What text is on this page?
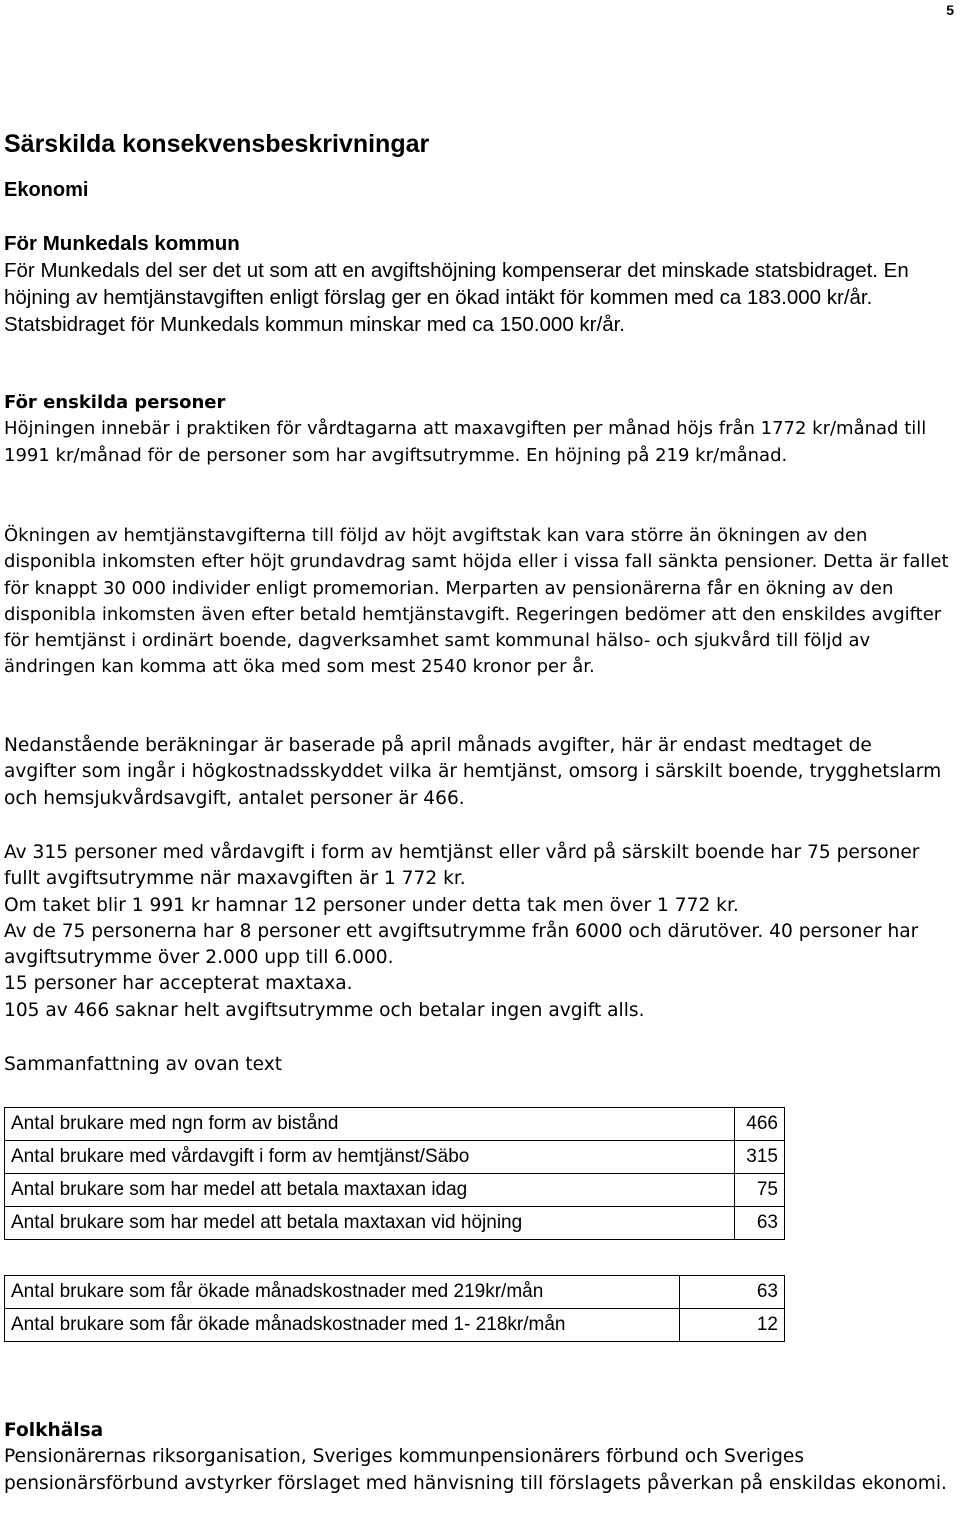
5
Särskilda konsekvensbeskrivningar
Ekonomi
För Munkedals kommun

För Munkedals del ser det ut som att en avgiftshöjning kompenserar det minskade statsbidraget. En höjning av hemtjänstavgiften enligt förslag ger en ökad intäkt för kommen med ca 183.000 kr/år. Statsbidraget för Munkedals kommun minskar med ca 150.000 kr/år.

För enskilda personer

Höjningen innebär i praktiken för vårdtagarna att maxavgiften per månad höjs från 1772 kr/månad till 1991 kr/månad för de personer som har avgiftsutrymme. En höjning på 219 kr/månad.

Ökningen av hemtjänstavgifterna till följd av höjt avgiftstak kan vara större än ökningen av den disponibla inkomsten efter höjt grundavdrag samt höjda eller i vissa fall sänkta pensioner. Detta är fallet för knappt 30 000 individer enligt promemorian. Merparten av pensionärerna får en ökning av den disponibla inkomsten även efter betald hemtjänstavgift. Regeringen bedömer att den enskildes avgifter för hemtjänst i ordinärt boende, dagverksamhet samt kommunal hälso- och sjukvård till följd av ändringen kan komma att öka med som mest 2540 kronor per år.

Nedanstående beräkningar är baserade på april månads avgifter, här är endast medtaget de avgifter som ingår i högkostnadsskyddet vilka är hemtjänst, omsorg i särskilt boende, trygghetslarm och hemsjukvårdsavgift, antalet personer är 466.

Av 315 personer med vårdavgift i form av hemtjänst eller vård på särskilt boende har 75 personer fullt avgiftsutrymme när maxavgiften är 1 772 kr.
Om taket blir 1 991 kr hamnar 12 personer under detta tak men över 1 772 kr.
Av de 75 personerna har 8 personer ett avgiftsutrymme från 6000 och därutöver. 40 personer har avgiftsutrymme över 2.000 upp till 6.000.
15 personer har accepterat maxtaxa.
105 av 466 saknar helt avgiftsutrymme och betalar ingen avgift alls.
Sammanfattning av ovan text
Antal brukare med ngn form av bistånd	466
Antal brukare med vårdavgift i form av hemtjänst/Säbo	315
Antal brukare som har medel att betala maxtaxan idag	75
Antal brukare som har medel att betala maxtaxan vid höjning	63
Antal brukare som får ökade månadskostnader med 219kr/mån	63
Antal brukare som får ökade månadskostnader med 1- 218kr/mån	12
Folkhälsa

Pensionärernas riksorganisation, Sveriges kommunpensionärers förbund och Sveriges pensionärsförbund avstyrker förslaget med hänvisning till förslagets påverkan på enskildas ekonomi.
